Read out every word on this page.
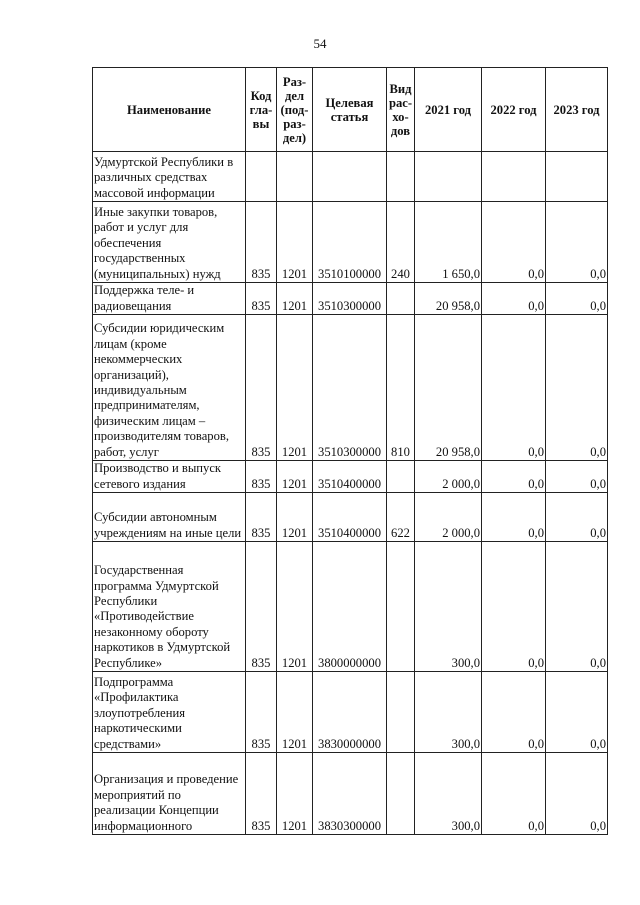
54
Наименование	Код гла-вы	Раз-дел (под-раз-дел)	Целевая статья	Вид рас-хо-дов	2021 год	2022 год	2023 год
Удмуртской Республики в различных средствах массовой информации							
Иные закупки товаров, работ и услуг для обеспечения государственных (муниципальных) нужд	835	1201	3510100000	240	1 650,0	0,0	0,0
Поддержка теле- и радиовещания	835	1201	3510300000		20 958,0	0,0	0,0
Субсидии юридическим лицам (кроме некоммерческих организаций), индивидуальным предпринимателям, физическим лицам – производителям товаров, работ, услуг	835	1201	3510300000	810	20 958,0	0,0	0,0
Производство и выпуск сетевого издания	835	1201	3510400000		2 000,0	0,0	0,0
Субсидии автономным учреждениям на иные цели	835	1201	3510400000	622	2 000,0	0,0	0,0
Государственная программа Удмуртской Республики «Противодействие незаконному обороту наркотиков в Удмуртской Республике»	835	1201	3800000000		300,0	0,0	0,0
Подпрограмма «Профилактика злоупотребления наркотическими средствами»	835	1201	3830000000		300,0	0,0	0,0
Организация и проведение мероприятий по реализации Концепции информационного	835	1201	3830300000		300,0	0,0	0,0
